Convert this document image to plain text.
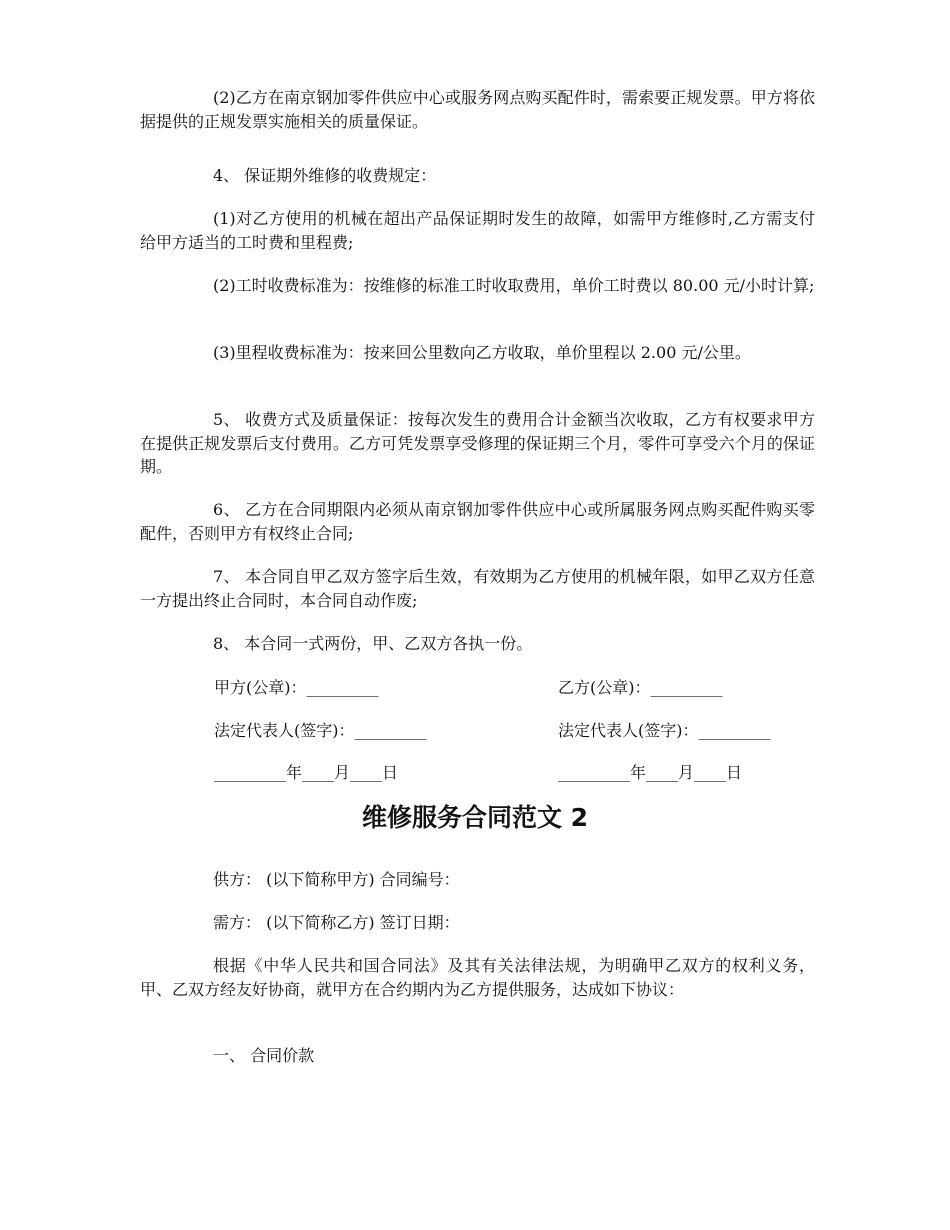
(2)乙方在南京钢加零件供应中心或服务网点购买配件时，需索要正规发票。甲方将依据提供的正规发票实施相关的质量保证。

4、 保证期外维修的收费规定：

(1)对乙方使用的机械在超出产品保证期时发生的故障，如需甲方维修时,乙方需支付给甲方适当的工时费和里程费;

(2)工时收费标准为：按维修的标准工时收取费用，单价工时费以 80.00 元/小时计算;

(3)里程收费标准为：按来回公里数向乙方收取，单价里程以 2.00 元/公里。

5、 收费方式及质量保证：按每次发生的费用合计金额当次收取，乙方有权要求甲方在提供正规发票后支付费用。乙方可凭发票享受修理的保证期三个月，零件可享受六个月的保证期。

6、 乙方在合同期限内必须从南京钢加零件供应中心或所属服务网点购买配件购买零配件，否则甲方有权终止合同;

7、 本合同自甲乙双方签字后生效，有效期为乙方使用的机械年限，如甲乙双方任意一方提出终止合同时，本合同自动作废;

8、 本合同一式两份，甲、乙双方各执一份。

甲方(公章)：_________	乙方(公章)：_________
法定代表人(签字)：_________	法定代表人(签字)：_________
_________年____月____日	_________年____月____日
维修服务合同范文 2

供方： (以下简称甲方) 合同编号：

需方： (以下简称乙方) 签订日期：

根据《中华人民共和国合同法》及其有关法律法规，为明确甲乙双方的权利义务，甲、乙双方经友好协商，就甲方在合约期内为乙方提供服务，达成如下协议：

一、 合同价款
